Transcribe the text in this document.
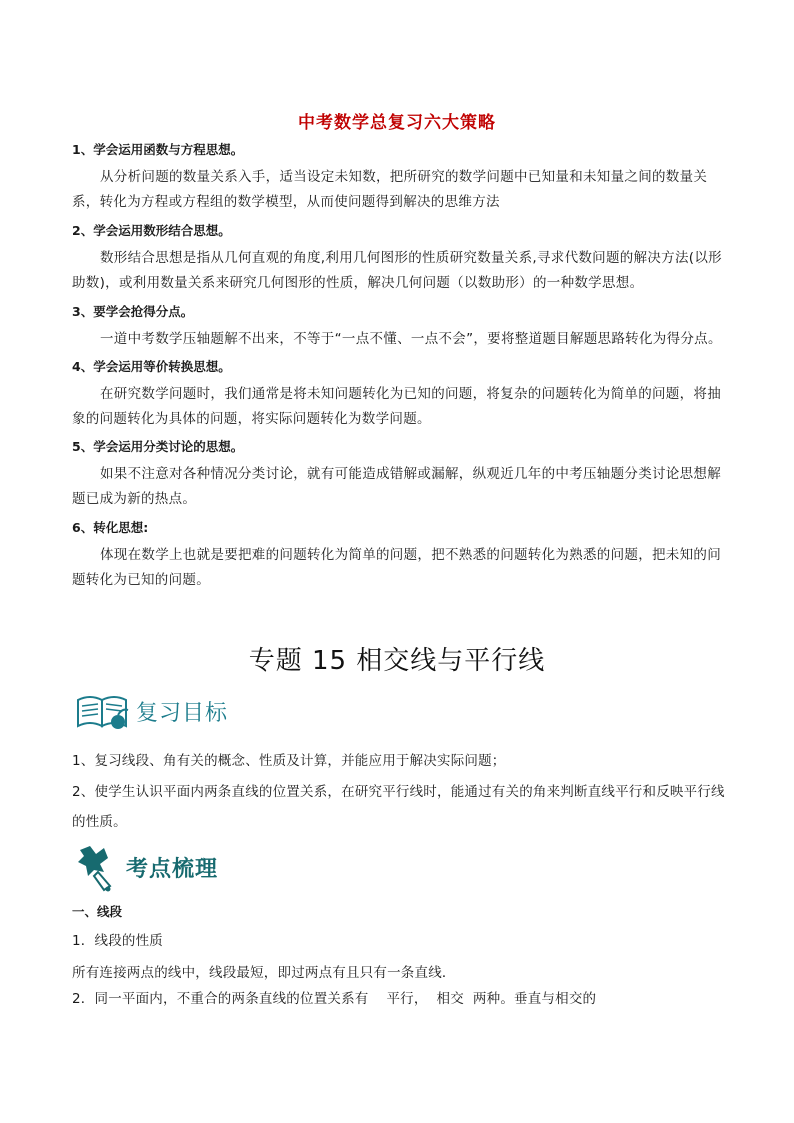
中考数学总复习六大策略
1、学会运用函数与方程思想。
从分析问题的数量关系入手，适当设定未知数，把所研究的数学问题中已知量和未知量之间的数量关系，转化为方程或方程组的数学模型，从而使问题得到解决的思维方法
2、学会运用数形结合思想。
数形结合思想是指从几何直观的角度,利用几何图形的性质研究数量关系,寻求代数问题的解决方法(以形助数)，或利用数量关系来研究几何图形的性质，解决几何问题（以数助形）的一种数学思想。
3、要学会抢得分点。
一道中考数学压轴题解不出来，不等于“一点不懂、一点不会”，要将整道题目解题思路转化为得分点。
4、学会运用等价转换思想。
在研究数学问题时，我们通常是将未知问题转化为已知的问题，将复杂的问题转化为简单的问题，将抽象的问题转化为具体的问题，将实际问题转化为数学问题。
5、学会运用分类讨论的思想。
如果不注意对各种情况分类讨论，就有可能造成错解或漏解，纵观近几年的中考压轴题分类讨论思想解题已成为新的热点。
6、转化思想:
体现在数学上也就是要把难的问题转化为简单的问题，把不熟悉的问题转化为熟悉的问题，把未知的问题转化为已知的问题。
专题 15 相交线与平行线
复习目标
1、复习线段、角有关的概念、性质及计算，并能应用于解决实际问题；
2、使学生认识平面内两条直线的位置关系，在研究平行线时，能通过有关的角来判断直线平行和反映平行线的性质。
考点梳理
一、线段
1．线段的性质
所有连接两点的线中，线段最短，即过两点有且只有一条直线．
2．同一平面内，不重合的两条直线的位置关系有    平行，  相交  两种。垂直与相交的
